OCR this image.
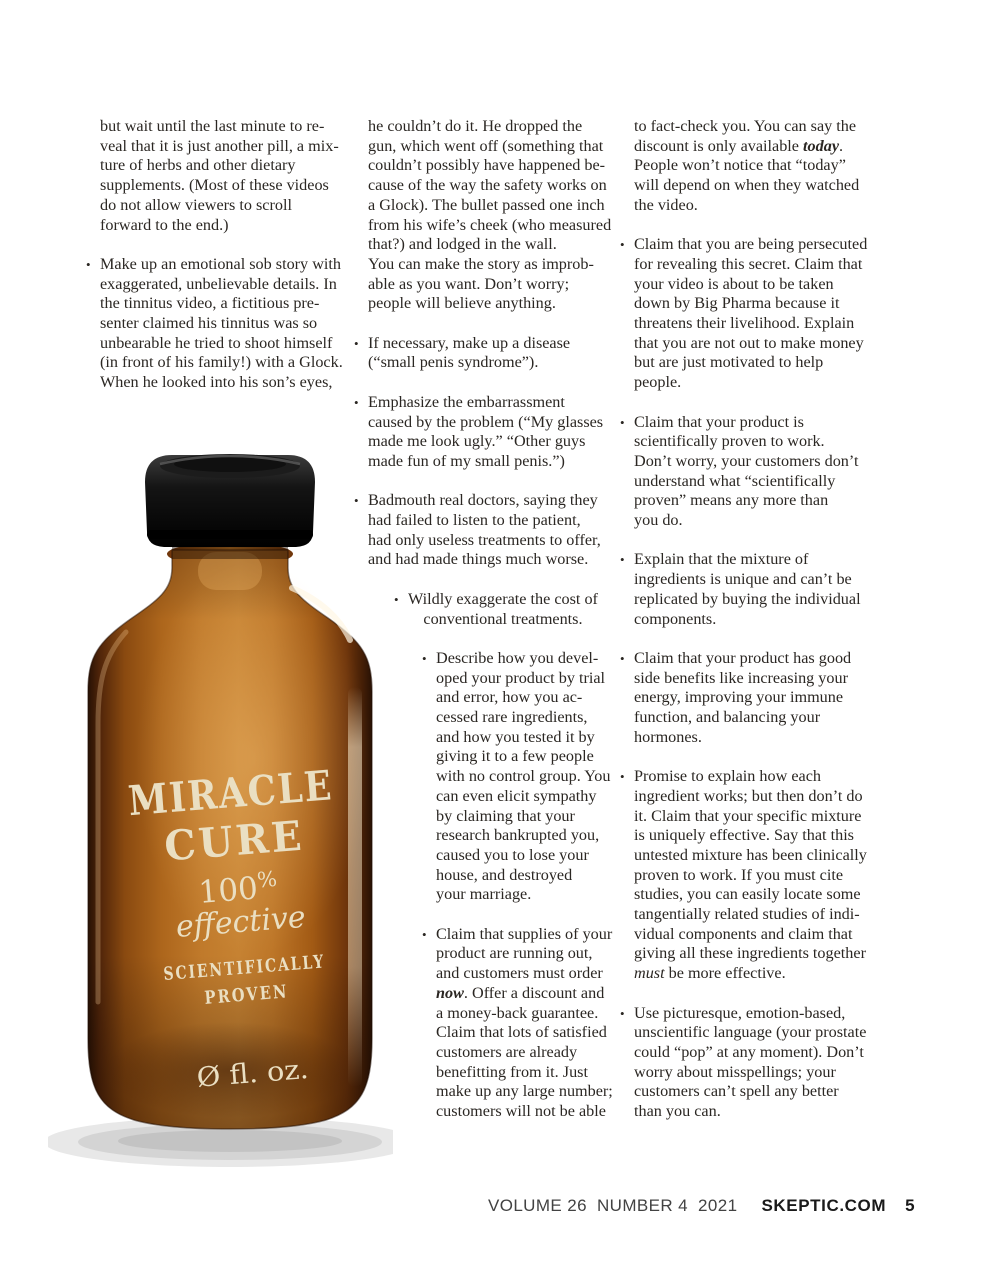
but wait until the last minute to re-
veal that it is just another pill, a mix-
ture of herbs and other dietary
supplements. (Most of these videos
do not allow viewers to scroll
forward to the end.)
• Make up an emotional sob story with
exaggerated, unbelievable details. In
the tinnitus video, a fictitious pre-
senter claimed his tinnitus was so
unbearable he tried to shoot himself
(in front of his family!) with a Glock.
When he looked into his son’s eyes,
he couldn’t do it. He dropped the
gun, which went off (something that
couldn’t possibly have happened be-
cause of the way the safety works on
a Glock). The bullet passed one inch
from his wife’s cheek (who measured
that?) and lodged in the wall.
You can make the story as improb-
able as you want. Don’t worry;
people will believe anything.
• If necessary, make up a disease
(“small penis syndrome”).
• Emphasize the embarrassment
caused by the problem (“My glasses
made me look ugly.” “Other guys
made fun of my small penis.”)
• Badmouth real doctors, saying they
had failed to listen to the patient,
had only useless treatments to offer,
and had made things much worse.
• Wildly exaggerate the cost of
conventional treatments.
• Describe how you devel-
oped your product by trial
and error, how you ac-
cessed rare ingredients,
and how you tested it by
giving it to a few people
with no control group. You
can even elicit sympathy
by claiming that your
research bankrupted you,
caused you to lose your
house, and destroyed
your marriage.
• Claim that supplies of your
product are running out,
and customers must order
now. Offer a discount and
a money-back guarantee.
Claim that lots of satisfied
customers are already
benefitting from it. Just
make up any large number;
customers will not be able
to fact-check you. You can say the
discount is only available today.
People won’t notice that “today”
will depend on when they watched
the video.
• Claim that you are being persecuted
for revealing this secret. Claim that
your video is about to be taken
down by Big Pharma because it
threatens their livelihood. Explain
that you are not out to make money
but are just motivated to help
people.
• Claim that your product is
scientifically proven to work.
Don’t worry, your customers don’t
understand what “scientifically
proven” means any more than
you do.
• Explain that the mixture of
ingredients is unique and can’t be
replicated by buying the individual
components.
• Claim that your product has good
side benefits like increasing your
energy, improving your immune
function, and balancing your
hormones.
• Promise to explain how each
ingredient works; but then don’t do
it. Claim that your specific mixture
is uniquely effective. Say that this
untested mixture has been clinically
proven to work. If you must cite
studies, you can easily locate some
tangentially related studies of indi-
vidual components and claim that
giving all these ingredients together
must be more effective.
• Use picturesque, emotion-based,
unscientific language (your prostate
could “pop” at any moment). Don’t
worry about misspellings; your
customers can’t spell any better
than you can.
MIRACLE
CURE
100%
effective
SCIENTIFICALLY
PROVEN
Ø fl. oz.
VOLUME 26 NUMBER 4 2021 SKEPTIC.COM 5
